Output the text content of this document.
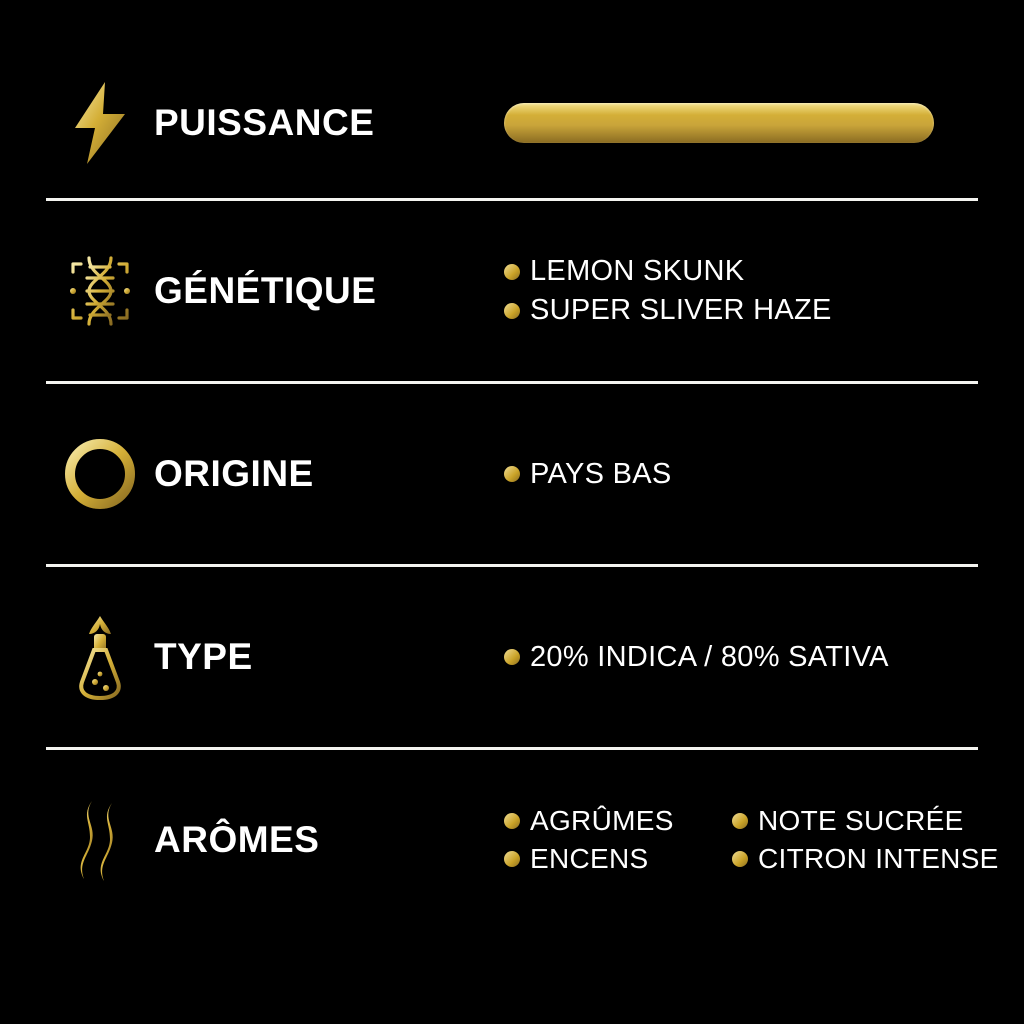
PUISSANCE
GÉNÉTIQUE	LEMON SKUNK
SUPER SLIVER HAZE
ORIGINE	PAYS BAS
TYPE	20% INDICA / 80% SATIVA
ARÔMES	AGRÛMES	NOTE SUCRÉE
ENCENS	CITRON INTENSE
